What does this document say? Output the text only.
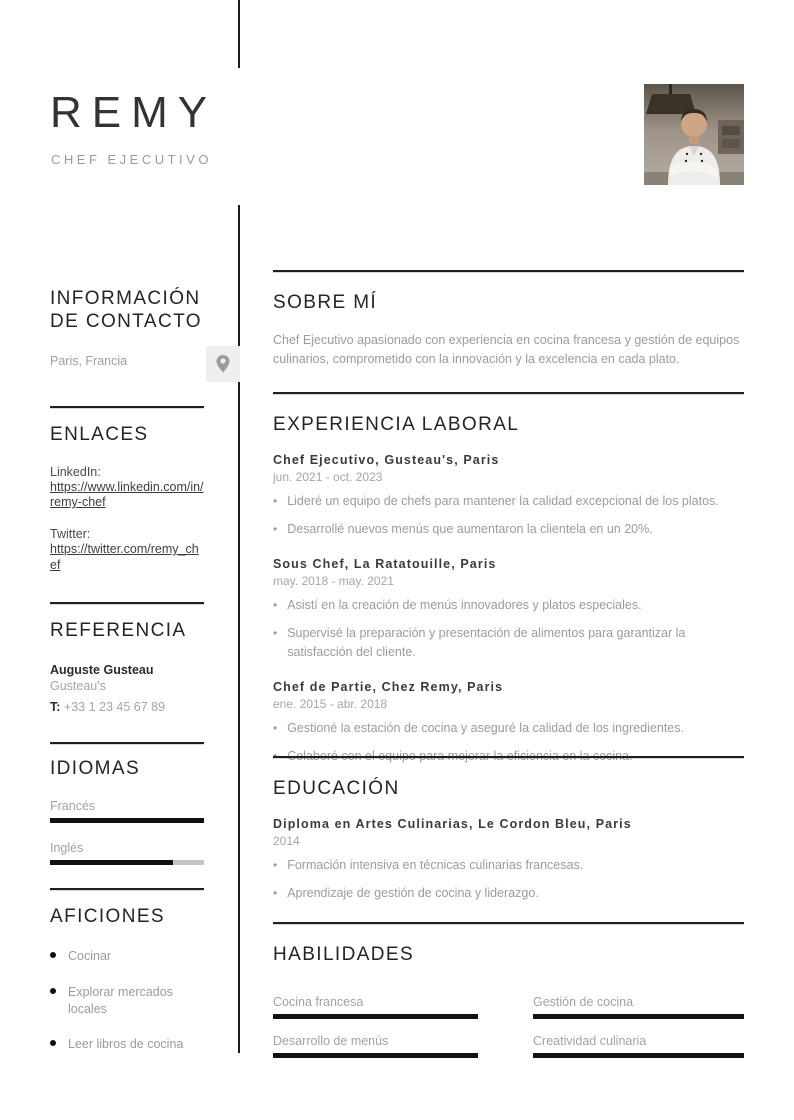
REMY
CHEF EJECUTIVO
INFORMACIÓN DE CONTACTO
Paris, Francia
ENLACES
LinkedIn:
https://www.linkedin.com/in/remy-chef
Twitter:
https://twitter.com/remy_chef
REFERENCIA
Auguste Gusteau
Gusteau's
T: +33 1 23 45 67 89
IDIOMAS
Francés
Inglés
AFICIONES
Cocinar
Explorar mercados locales
Leer libros de cocina
SOBRE MÍ
Chef Ejecutivo apasionado con experiencia en cocina francesa y gestión de equipos culinarios, comprometido con la innovación y la excelencia en cada plato.
EXPERIENCIA LABORAL
Chef Ejecutivo, Gusteau's, Paris
jun. 2021 - oct. 2023
• Lideré un equipo de chefs para mantener la calidad excepcional de los platos.
• Desarrollé nuevos menús que aumentaron la clientela en un 20%.
Sous Chef, La Ratatouille, Paris
may. 2018 - may. 2021
• Asistí en la creación de menús innovadores y platos especiales.
• Supervisé la preparación y presentación de alimentos para garantizar la satisfacción del cliente.
Chef de Partie, Chez Remy, Paris
ene. 2015 - abr. 2018
• Gestioné la estación de cocina y aseguré la calidad de los ingredientes.
EDUCACIÓN
Diploma en Artes Culinarias, Le Cordon Bleu, Paris
2014
• Formación intensiva en técnicas culinarias francesas.
• Aprendizaje de gestión de cocina y liderazgo.
HABILIDADES
Cocina francesa	Gestión de cocina
Desarrollo de menús	Creatividad culinaria
